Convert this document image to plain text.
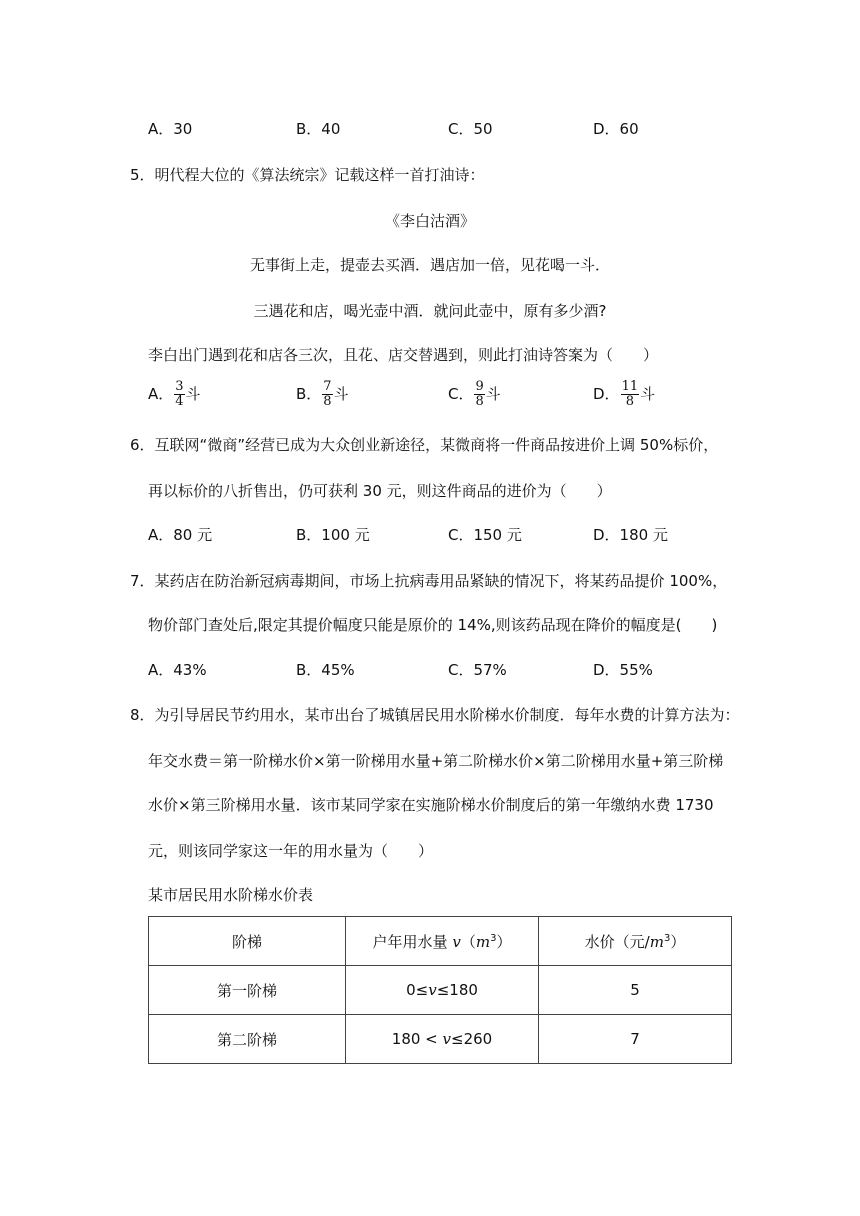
A．30	B．40	C．50	D．60
5．明代程大位的《算法统宗》记载这样一首打油诗：
《李白沽酒》
无事街上走，提壶去买酒．遇店加一倍，见花喝一斗．
三遇花和店，喝光壶中酒．就问此壶中，原有多少酒?
李白出门遇到花和店各三次，且花、店交替遇到，则此打油诗答案为（　　）
A． $\frac{3}{4}$ 斗	B． $\frac{7}{8}$ 斗	C． $\frac{9}{8}$ 斗	D． $\frac{11}{8}$ 斗
6．互联网“微商”经营已成为大众创业新途径，某微商将一件商品按进价上调 50%标价，
再以标价的八折售出，仍可获利 30 元，则这件商品的进价为（　　）
A．80 元	B．100 元	C．150 元	D．180 元
7．某药店在防治新冠病毒期间，市场上抗病毒用品紧缺的情况下，将某药品提价 100%，
物价部门查处后,限定其提价幅度只能是原价的 14%,则该药品现在降价的幅度是(　　)
A．43%	B．45%	C．57%	D．55%
8．为引导居民节约用水，某市出台了城镇居民用水阶梯水价制度．每年水费的计算方法为：
年交水费＝第一阶梯水价×第一阶梯用水量+第二阶梯水价×第二阶梯用水量+第三阶梯
水价×第三阶梯用水量．该市某同学家在实施阶梯水价制度后的第一年缴纳水费 1730
元，则该同学家这一年的用水量为（　　）
某市居民用水阶梯水价表
阶梯	户年用水量 $v(m^3)$	水价（元$/m^3$）
第一阶梯	0≤v≤180	5
第二阶梯	180 < v≤260	7
